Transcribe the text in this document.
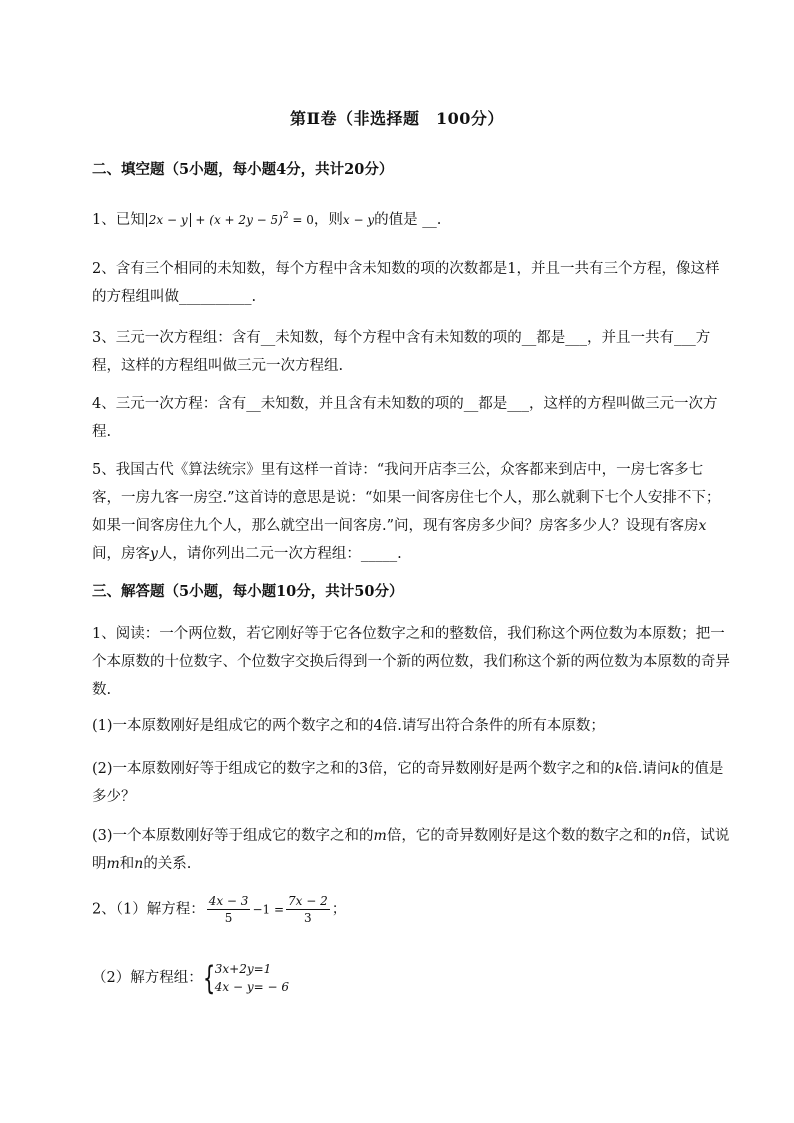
第Ⅱ卷（非选择题　100分）
二、填空题（5小题，每小题4分，共计20分）
1、已知 $2x - y + (x + 2y - 5)^2 = 0$，则x − y的值是 __.
2、含有三个相同的未知数，每个方程中含未知数的项的次数都是1，并且一共有三个方程，像这样的方程组叫做__________.
3、三元一次方程组：含有__未知数，每个方程中含有未知数的项的__都是___，并且一共有___方程，这样的方程组叫做三元一次方程组.
4、三元一次方程：含有__未知数，并且含有未知数的项的__都是___，这样的方程叫做三元一次方程.
5、我国古代《算法统宗》里有这样一首诗：“我问开店李三公，众客都来到店中，一房七客多七客，一房九客一房空.”这首诗的意思是说：“如果一间客房住七个人，那么就剩下七个人安排不下；如果一间客房住九个人，那么就空出一间客房.”问，现有客房多少间？房客多少人？设现有客房x间，房客y人，请你列出二元一次方程组：_____.
三、解答题（5小题，每小题10分，共计50分）
1、阅读：一个两位数，若它刚好等于它各位数字之和的整数倍，我们称这个两位数为本原数；把一个本原数的十位数字、个位数字交换后得到一个新的两位数，我们称这个新的两位数为本原数的奇异数.
(1)一本原数刚好是组成它的两个数字之和的4倍.请写出符合条件的所有本原数；
(2)一本原数刚好等于组成它的数字之和的3倍，它的奇异数刚好是两个数字之和的k倍.请问k的值是多少？
(3)一个本原数刚好等于组成它的数字之和的m倍，它的奇异数刚好是这个数的数字之和的n倍，试说明m和n的关系.
2、（1）解方程： $\frac{4x - 3}{5} -1 = \frac{7x - 2}{3}$ ；
（2）解方程组： { 3x+2y=1
4x − y= − 6
